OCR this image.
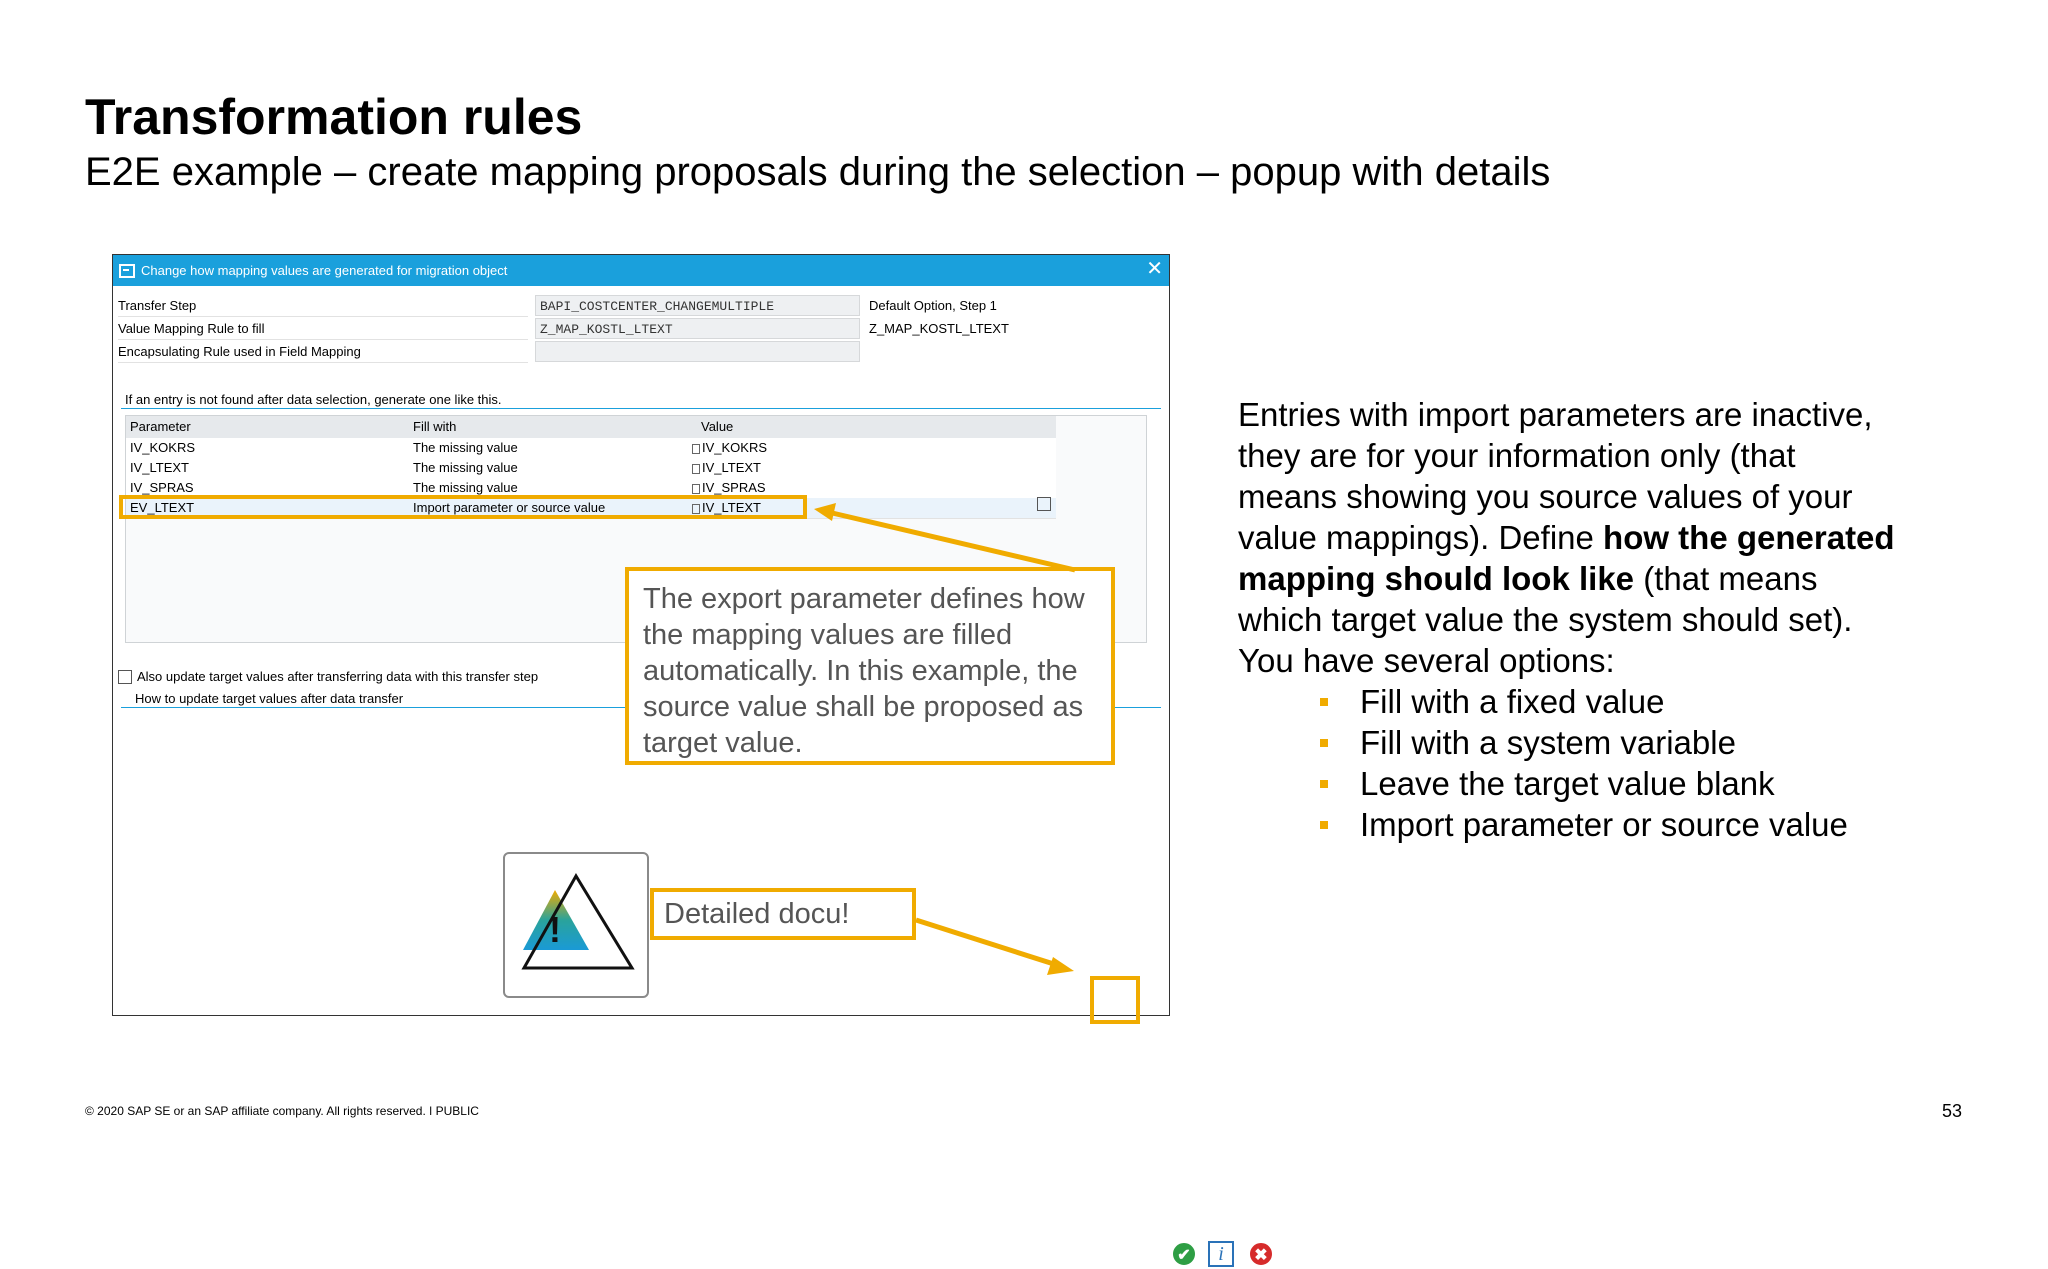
Transformation rules
E2E example – create mapping proposals during the selection – popup with details
Change how mapping values are generated for migration object	✕
Transfer Step	BAPI_COSTCENTER_CHANGEMULTIPLE	Default Option, Step 1
Value Mapping Rule to fill	Z_MAP_KOSTL_LTEXT	Z_MAP_KOSTL_LTEXT
Encapsulating Rule used in Field Mapping
If an entry is not found after data selection, generate one like this.
Parameter	Fill with	Value
IV_KOKRS	The missing value	IV_KOKRS
IV_LTEXT	The missing value	IV_LTEXT
IV_SPRAS	The missing value	IV_SPRAS
EV_LTEXT	Import parameter or source value	IV_LTEXT
Also update target values after transferring data with this transfer step
How to update target values after data transfer
✔	i	✖
The export parameter defines how the mapping values are filled automatically. In this example, the source value shall be proposed as target value.
!	Detailed docu!
Entries with import parameters are inactive, they are for your information only (that means showing you source values of your value mappings). Define how the generated mapping should look like (that means which target value the system should set). You have several options:
Fill with a fixed value
Fill with a system variable
Leave the target value blank
Import parameter or source value
© 2020 SAP SE or an SAP affiliate company. All rights reserved. ǀ PUBLIC	53
